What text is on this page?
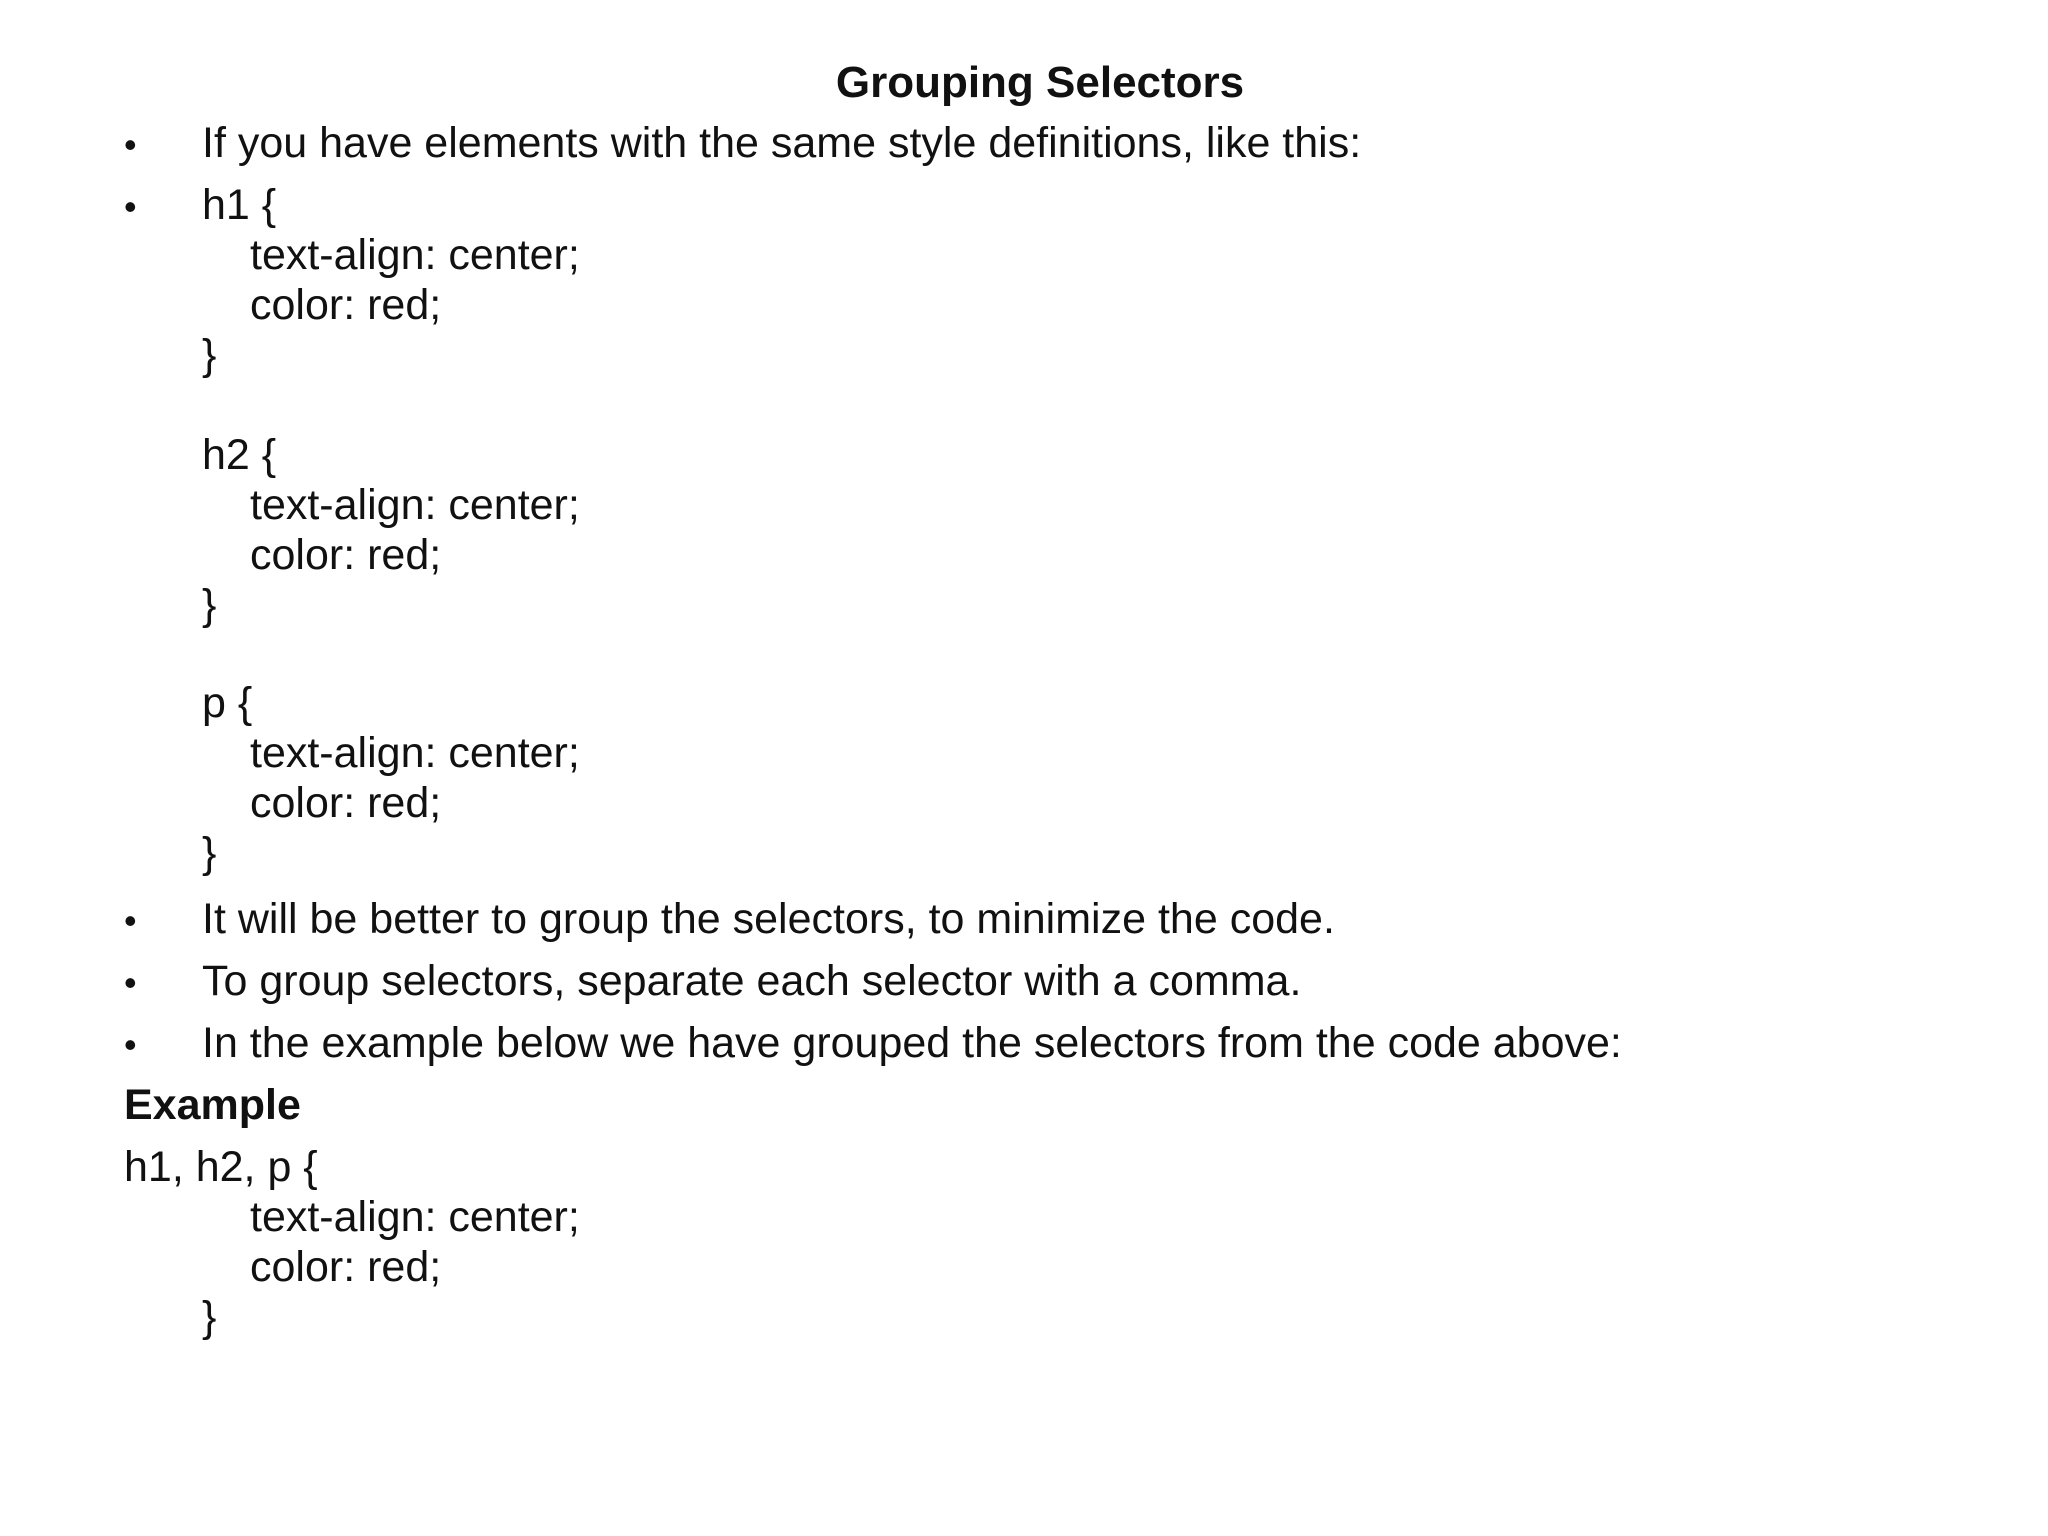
Grouping Selectors
• If you have elements with the same style definitions, like this:
• h1 {
text-align: center;
color: red;
}
h2 {
text-align: center;
color: red;
}
p {
text-align: center;
color: red;
}
• It will be better to group the selectors, to minimize the code.
• To group selectors, separate each selector with a comma.
• In the example below we have grouped the selectors from the code above:
Example
h1, h2, p {
text-align: center;
color: red;
}
